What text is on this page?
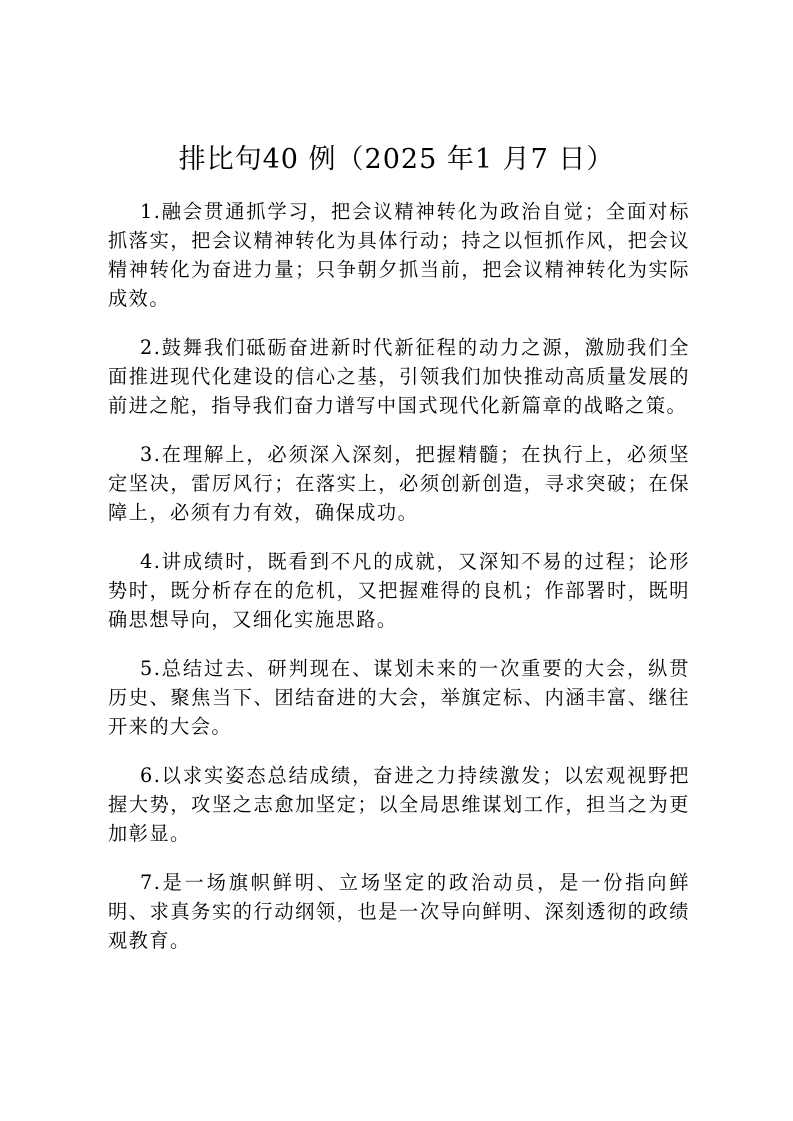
排比句40 例（2025 年1 月7 日）

1.融会贯通抓学习，把会议精神转化为政治自觉；全面对标抓落实，把会议精神转化为具体行动；持之以恒抓作风，把会议精神转化为奋进力量；只争朝夕抓当前，把会议精神转化为实际成效。

2.鼓舞我们砥砺奋进新时代新征程的动力之源，激励我们全面推进现代化建设的信心之基，引领我们加快推动高质量发展的前进之舵，指导我们奋力谱写中国式现代化新篇章的战略之策。

3.在理解上，必须深入深刻，把握精髓；在执行上，必须坚定坚决，雷厉风行；在落实上，必须创新创造，寻求突破；在保障上，必须有力有效，确保成功。

4.讲成绩时，既看到不凡的成就，又深知不易的过程；论形势时，既分析存在的危机，又把握难得的良机；作部署时，既明确思想导向，又细化实施思路。

5.总结过去、研判现在、谋划未来的一次重要的大会，纵贯历史、聚焦当下、团结奋进的大会，举旗定标、内涵丰富、继往开来的大会。

6.以求实姿态总结成绩，奋进之力持续激发；以宏观视野把握大势，攻坚之志愈加坚定；以全局思维谋划工作，担当之为更加彰显。

7.是一场旗帜鲜明、立场坚定的政治动员，是一份指向鲜明、求真务实的行动纲领，也是一次导向鲜明、深刻透彻的政绩观教育。
